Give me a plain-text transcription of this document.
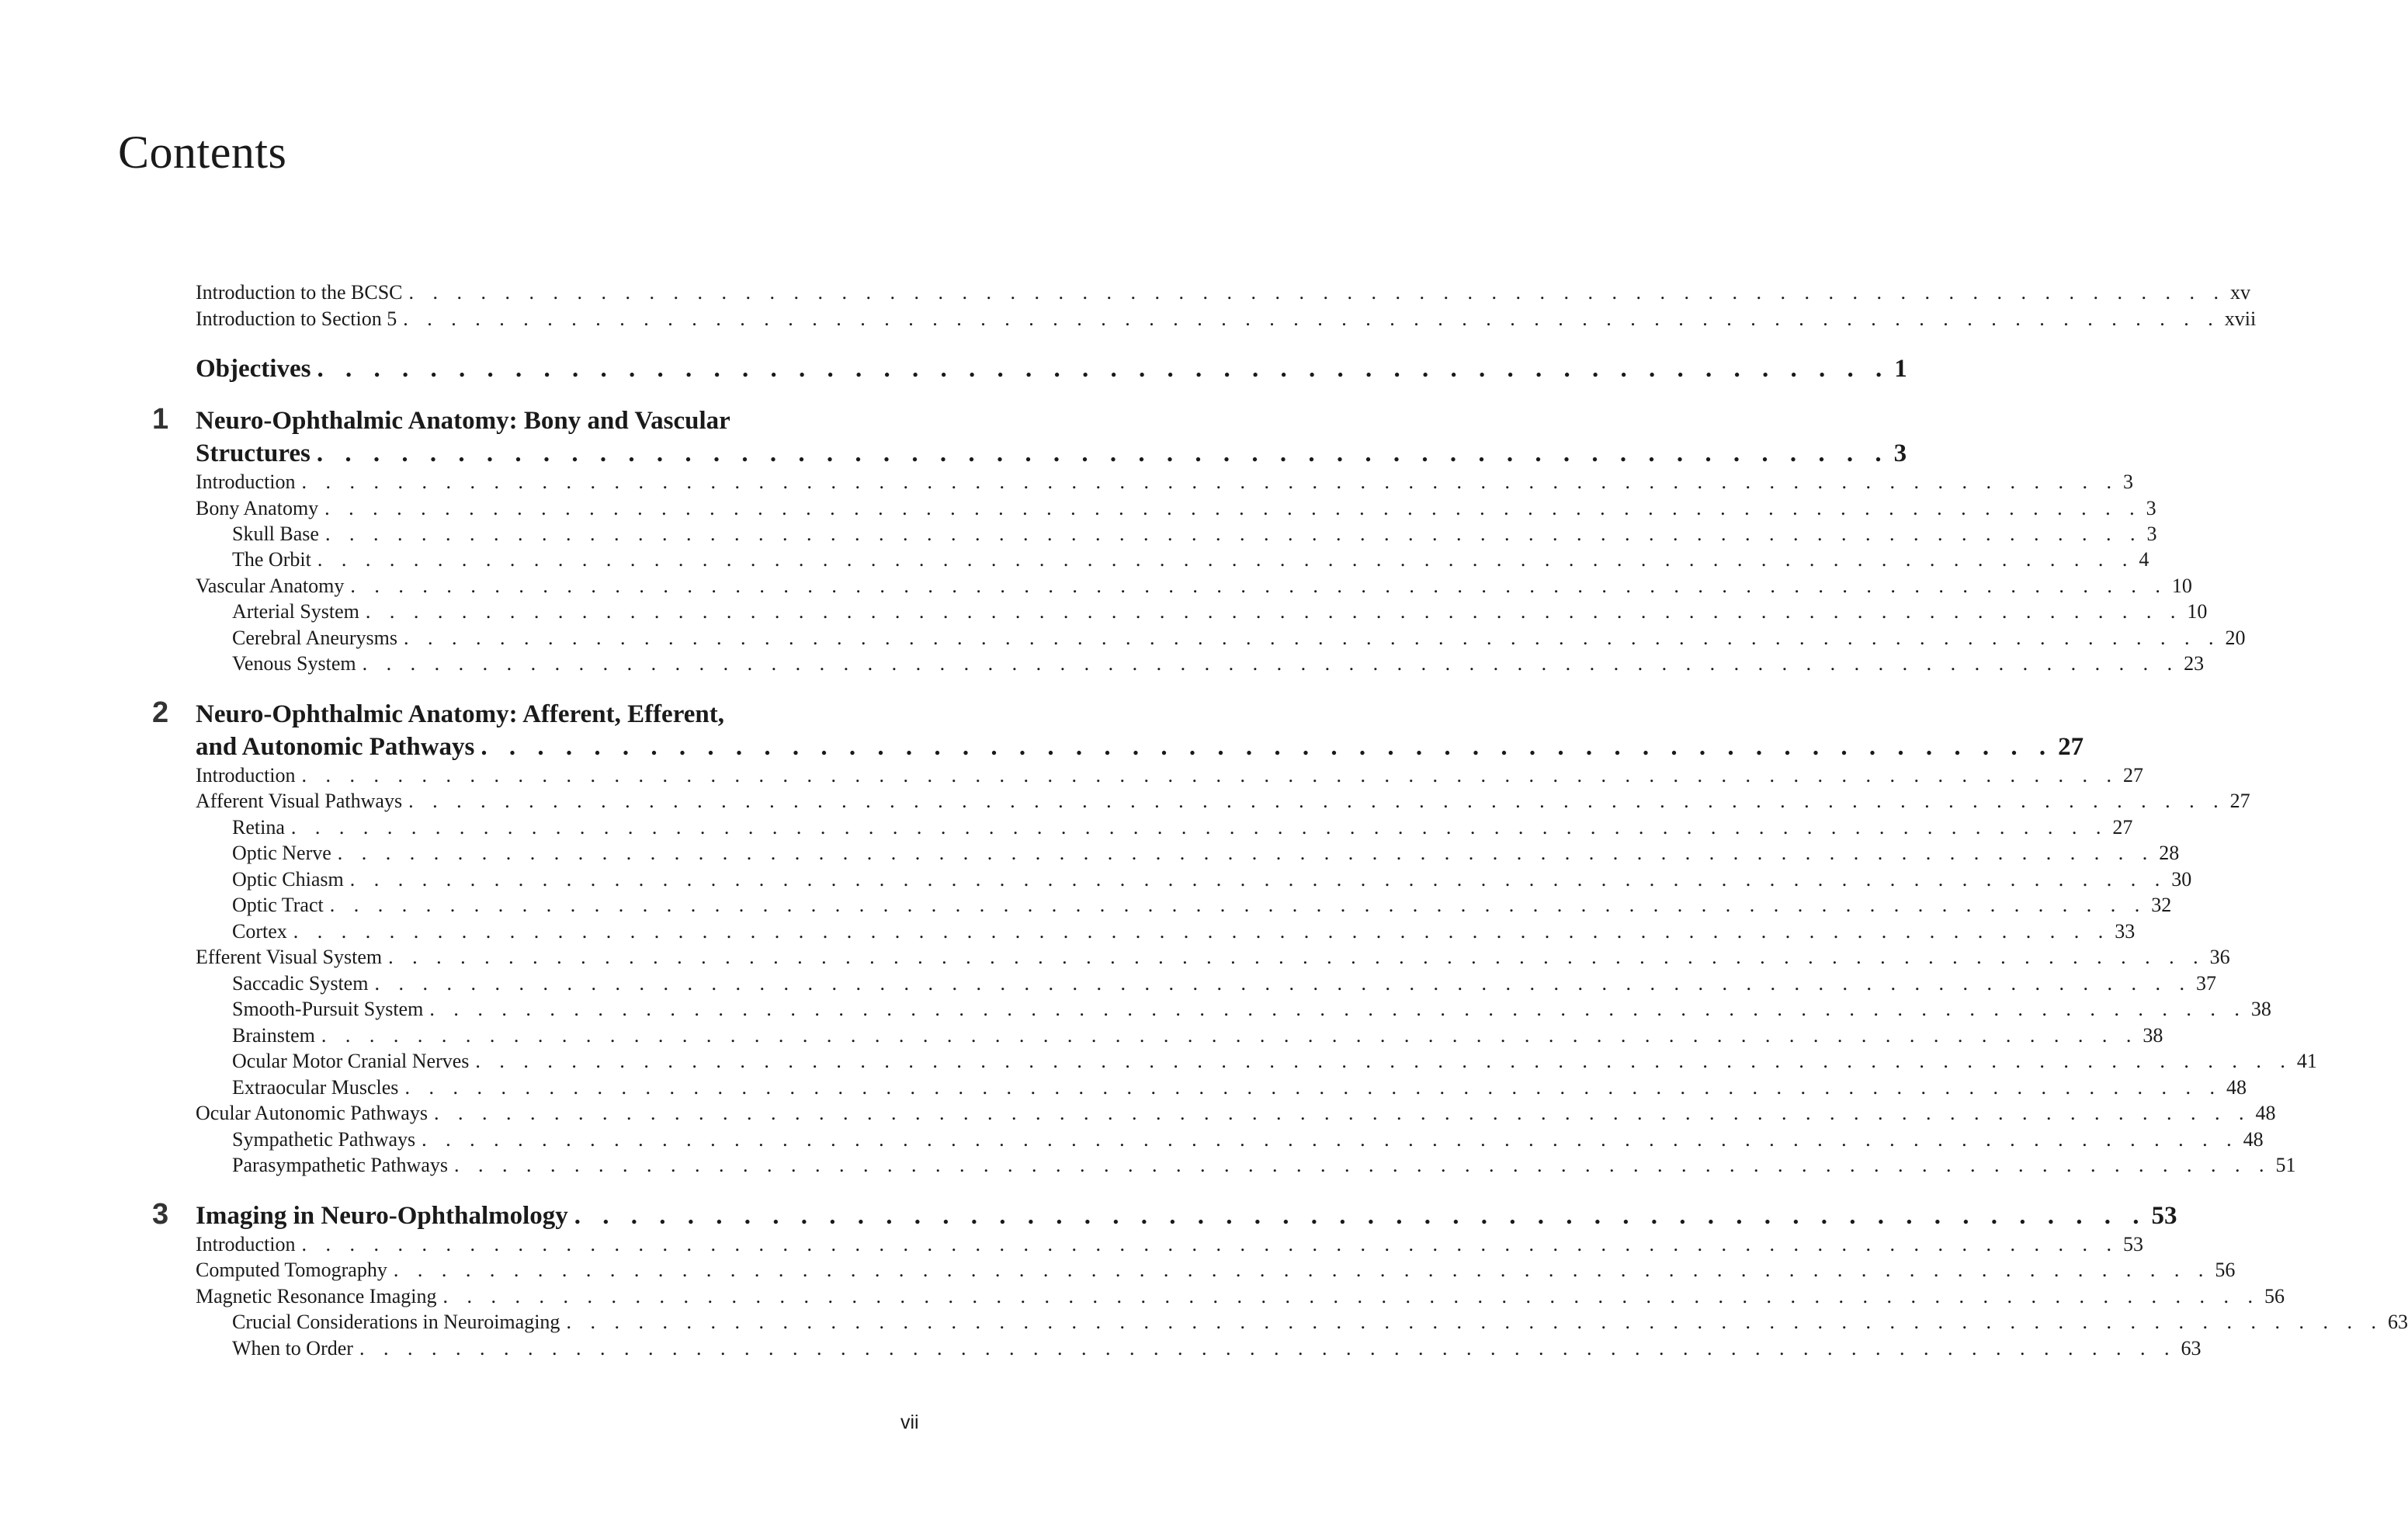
Contents
Introduction to the BCSC . . . . . . . . . . . . . . . . . . . . . . . . . . . . . . . . . . . . . . . . . . . . . . . . . . . . . . . . . . . . . . . . . . . . . . . . . . . . xv
Introduction to Section 5 . . . . . . . . . . . . . . . . . . . . . . . . . . . . . . . . . . . . . . . . . . . . . . . . . . . . . . . . . . . . . . . . . . . . . . . . . . . . xvii
Objectives . . . . . . . . . . . . . . . . . . . . . . . . . . . . . . . . . . . . . . . . . . . . . . . . . . . . . . . . 1
1 Neuro-Ophthalmic Anatomy: Bony and Vascular
Structures . . . . . . . . . . . . . . . . . . . . . . . . . . . . . . . . . . . . . . . . . . . . . . . . . . . . . . . . 3
Introduction . . . . . . . . . . . . . . . . . . . . . . . . . . . . . . . . . . . . . . . . . . . . . . . . . . . . . . . . . . . . . . . . . . . . . . . . . . . . 3
Bony Anatomy . . . . . . . . . . . . . . . . . . . . . . . . . . . . . . . . . . . . . . . . . . . . . . . . . . . . . . . . . . . . . . . . . . . . . . . . . . . . 3
Skull Base . . . . . . . . . . . . . . . . . . . . . . . . . . . . . . . . . . . . . . . . . . . . . . . . . . . . . . . . . . . . . . . . . . . . . . . . . . . . 3
The Orbit . . . . . . . . . . . . . . . . . . . . . . . . . . . . . . . . . . . . . . . . . . . . . . . . . . . . . . . . . . . . . . . . . . . . . . . . . . . . 4
Vascular Anatomy . . . . . . . . . . . . . . . . . . . . . . . . . . . . . . . . . . . . . . . . . . . . . . . . . . . . . . . . . . . . . . . . . . . . . . . . . . . . 10
Arterial System . . . . . . . . . . . . . . . . . . . . . . . . . . . . . . . . . . . . . . . . . . . . . . . . . . . . . . . . . . . . . . . . . . . . . . . . . . . . 10
Cerebral Aneurysms . . . . . . . . . . . . . . . . . . . . . . . . . . . . . . . . . . . . . . . . . . . . . . . . . . . . . . . . . . . . . . . . . . . . . . . . . . . . 20
Venous System . . . . . . . . . . . . . . . . . . . . . . . . . . . . . . . . . . . . . . . . . . . . . . . . . . . . . . . . . . . . . . . . . . . . . . . . . . . . 23
2 Neuro-Ophthalmic Anatomy: Afferent, Efferent,
and Autonomic Pathways . . . . . . . . . . . . . . . . . . . . . . . . . . . . . . . . . . . . . . . . . . . . . . . . . . . . . . . . 27
Introduction . . . . . . . . . . . . . . . . . . . . . . . . . . . . . . . . . . . . . . . . . . . . . . . . . . . . . . . . . . . . . . . . . . . . . . . . . . . . 27
Afferent Visual Pathways . . . . . . . . . . . . . . . . . . . . . . . . . . . . . . . . . . . . . . . . . . . . . . . . . . . . . . . . . . . . . . . . . . . . . . . . . . . . 27
Retina . . . . . . . . . . . . . . . . . . . . . . . . . . . . . . . . . . . . . . . . . . . . . . . . . . . . . . . . . . . . . . . . . . . . . . . . . . . . 27
Optic Nerve . . . . . . . . . . . . . . . . . . . . . . . . . . . . . . . . . . . . . . . . . . . . . . . . . . . . . . . . . . . . . . . . . . . . . . . . . . . . 28
Optic Chiasm . . . . . . . . . . . . . . . . . . . . . . . . . . . . . . . . . . . . . . . . . . . . . . . . . . . . . . . . . . . . . . . . . . . . . . . . . . . . 30
Optic Tract . . . . . . . . . . . . . . . . . . . . . . . . . . . . . . . . . . . . . . . . . . . . . . . . . . . . . . . . . . . . . . . . . . . . . . . . . . . . 32
Cortex . . . . . . . . . . . . . . . . . . . . . . . . . . . . . . . . . . . . . . . . . . . . . . . . . . . . . . . . . . . . . . . . . . . . . . . . . . . . 33
Efferent Visual System . . . . . . . . . . . . . . . . . . . . . . . . . . . . . . . . . . . . . . . . . . . . . . . . . . . . . . . . . . . . . . . . . . . . . . . . . . . . 36
Saccadic System . . . . . . . . . . . . . . . . . . . . . . . . . . . . . . . . . . . . . . . . . . . . . . . . . . . . . . . . . . . . . . . . . . . . . . . . . . . . 37
Smooth-Pursuit System . . . . . . . . . . . . . . . . . . . . . . . . . . . . . . . . . . . . . . . . . . . . . . . . . . . . . . . . . . . . . . . . . . . . . . . . . . . . 38
Brainstem . . . . . . . . . . . . . . . . . . . . . . . . . . . . . . . . . . . . . . . . . . . . . . . . . . . . . . . . . . . . . . . . . . . . . . . . . . . . 38
Ocular Motor Cranial Nerves . . . . . . . . . . . . . . . . . . . . . . . . . . . . . . . . . . . . . . . . . . . . . . . . . . . . . . . . . . . . . . . . . . . . . . . . . . . . 41
Extraocular Muscles . . . . . . . . . . . . . . . . . . . . . . . . . . . . . . . . . . . . . . . . . . . . . . . . . . . . . . . . . . . . . . . . . . . . . . . . . . . . 48
Ocular Autonomic Pathways . . . . . . . . . . . . . . . . . . . . . . . . . . . . . . . . . . . . . . . . . . . . . . . . . . . . . . . . . . . . . . . . . . . . . . . . . . . . 48
Sympathetic Pathways . . . . . . . . . . . . . . . . . . . . . . . . . . . . . . . . . . . . . . . . . . . . . . . . . . . . . . . . . . . . . . . . . . . . . . . . . . . . 48
Parasympathetic Pathways . . . . . . . . . . . . . . . . . . . . . . . . . . . . . . . . . . . . . . . . . . . . . . . . . . . . . . . . . . . . . . . . . . . . . . . . . . . . 51
3 Imaging in Neuro-Ophthalmology . . . . . . . . . . . . . . . . . . . . . . . . . . . . . . . . . . . . . . . . . . . . . . . . . . . . . . . . 53
Introduction . . . . . . . . . . . . . . . . . . . . . . . . . . . . . . . . . . . . . . . . . . . . . . . . . . . . . . . . . . . . . . . . . . . . . . . . . . . . 53
Computed Tomography . . . . . . . . . . . . . . . . . . . . . . . . . . . . . . . . . . . . . . . . . . . . . . . . . . . . . . . . . . . . . . . . . . . . . . . . . . . . 56
Magnetic Resonance Imaging . . . . . . . . . . . . . . . . . . . . . . . . . . . . . . . . . . . . . . . . . . . . . . . . . . . . . . . . . . . . . . . . . . . . . . . . . . . . 56
Crucial Considerations in Neuroimaging . . . . . . . . . . . . . . . . . . . . . . . . . . . . . . . . . . . . . . . . . . . . . . . . . . . . . . . . . . . . . . . . . . . . . . . . . . . . 63
When to Order . . . . . . . . . . . . . . . . . . . . . . . . . . . . . . . . . . . . . . . . . . . . . . . . . . . . . . . . . . . . . . . . . . . . . . . . . . . . 63
vii
